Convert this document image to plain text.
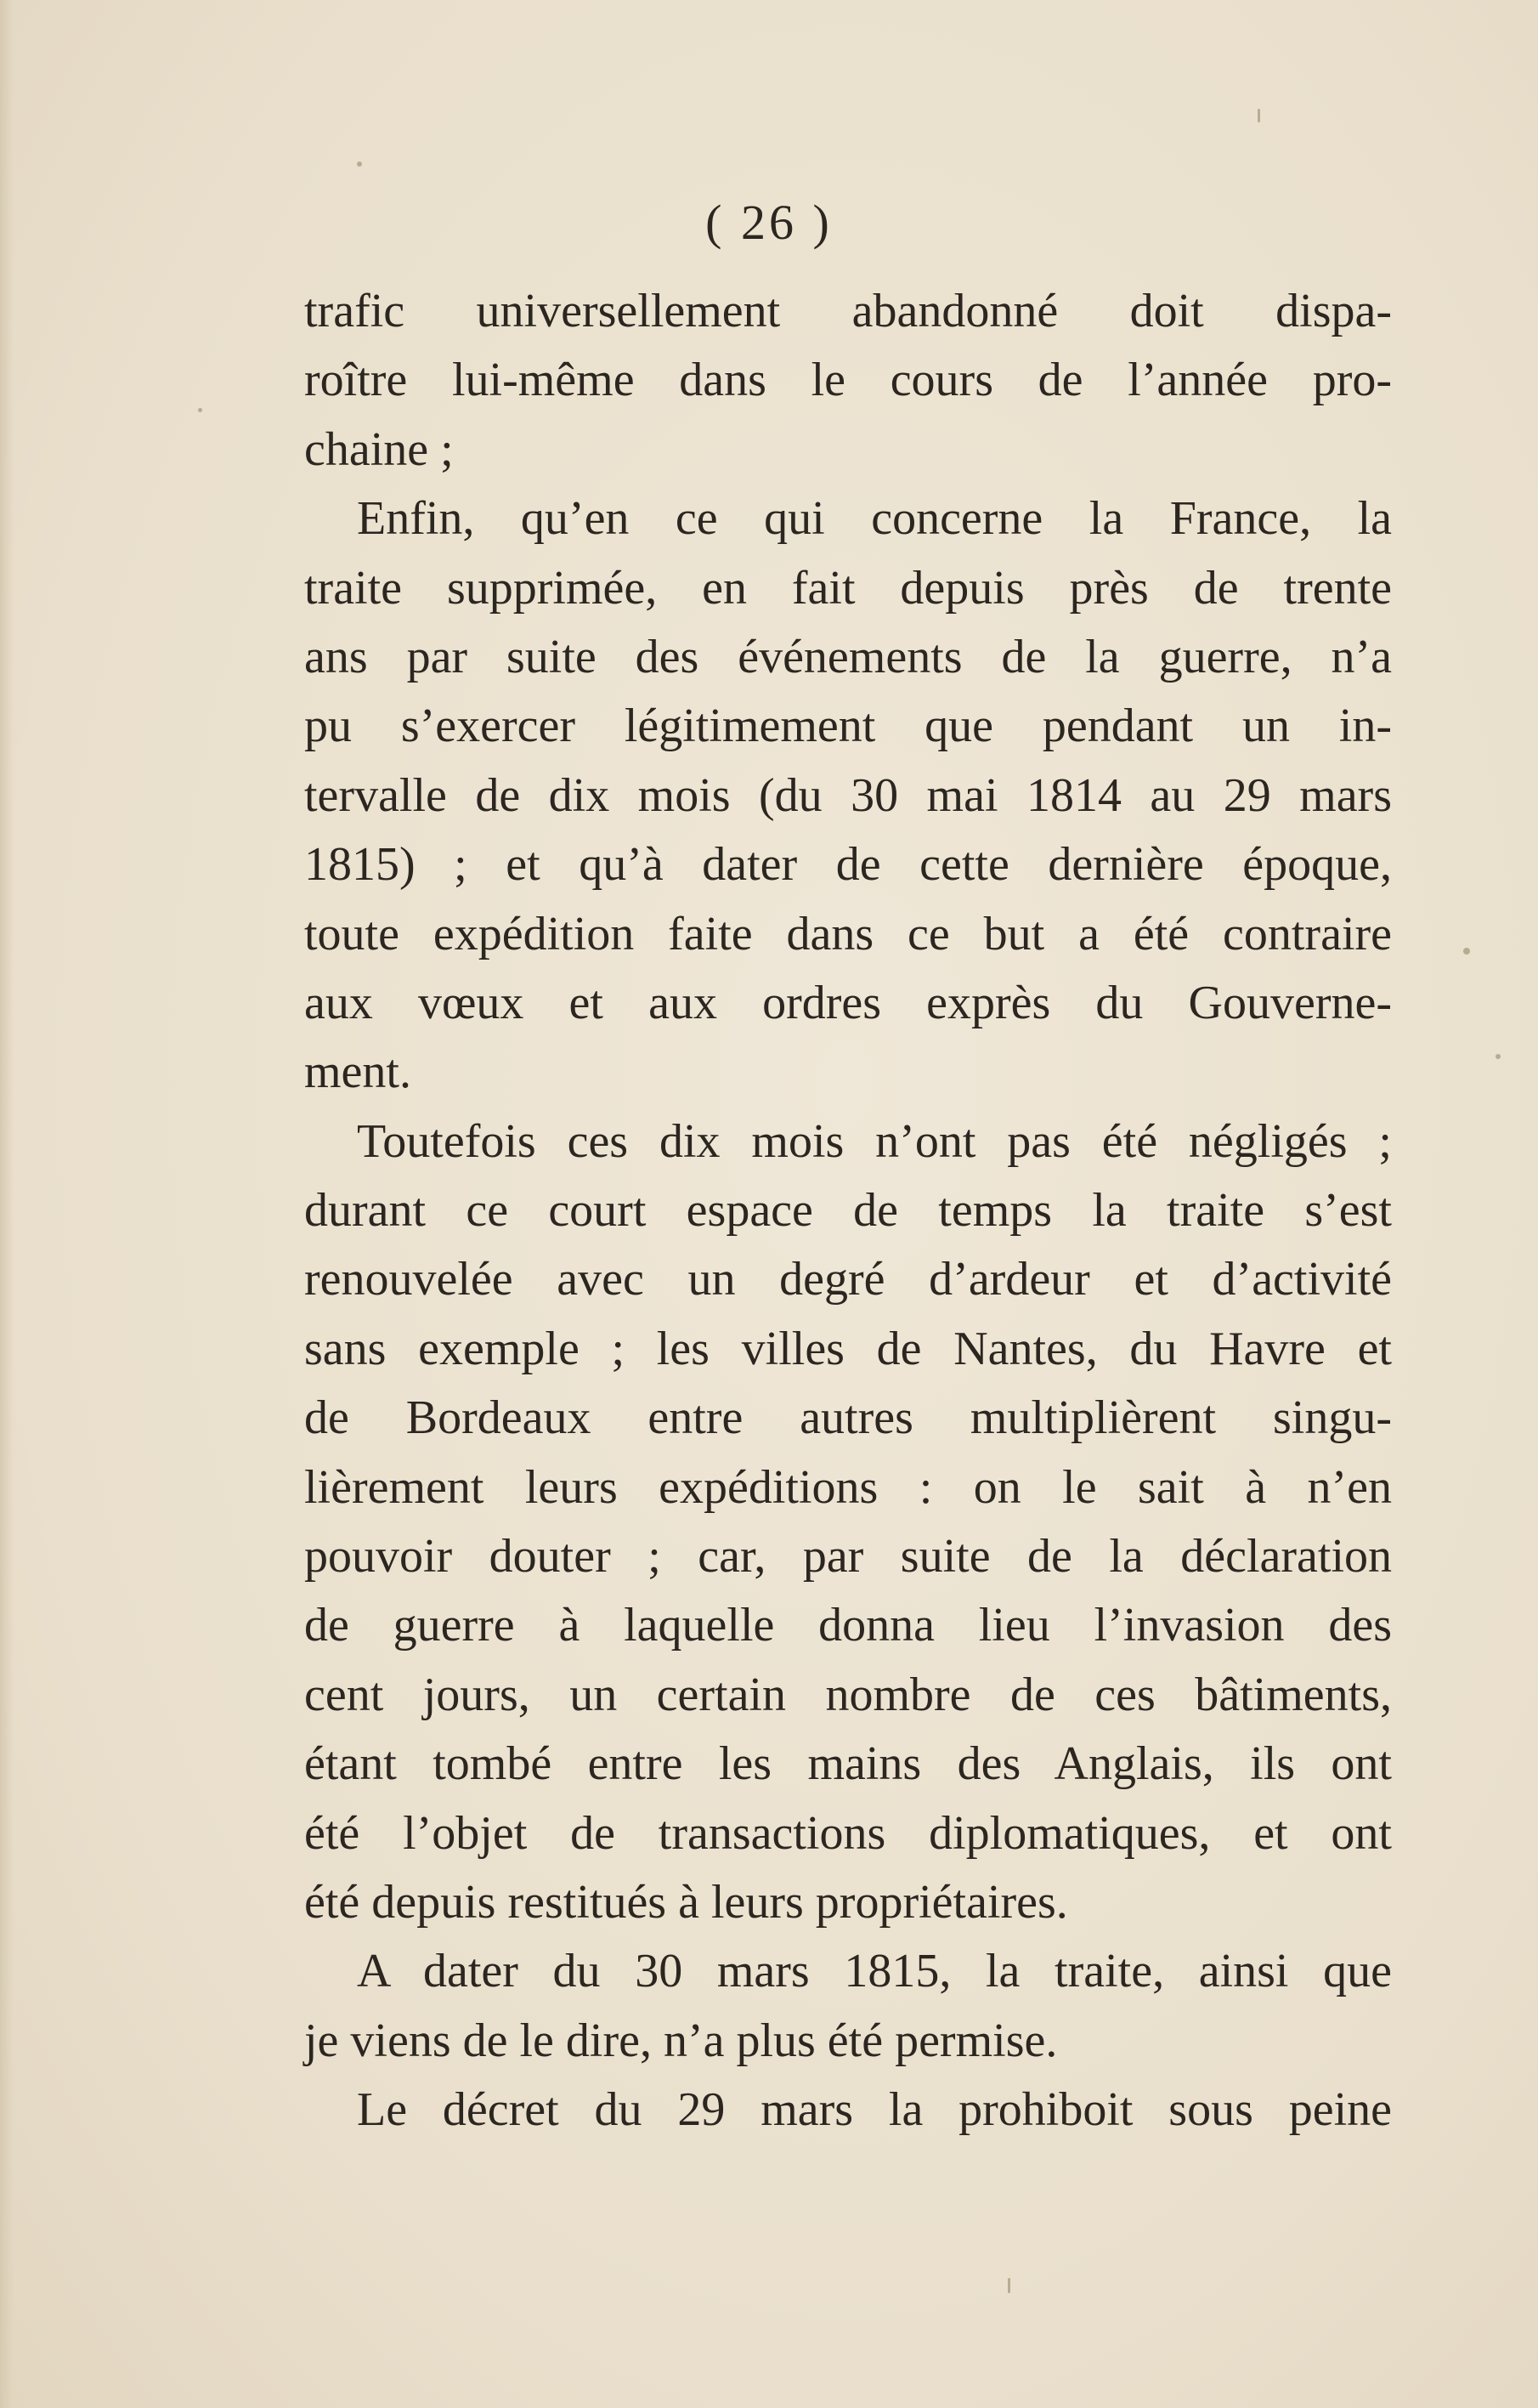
( 26 )
trafic universellement abandonné doit dispa-
roître lui-même dans le cours de l’année pro-
chaine ;
Enfin, qu’en ce qui concerne la France, la
traite supprimée, en fait depuis près de trente
ans par suite des événements de la guerre, n’a
pu s’exercer légitimement que pendant un in-
tervalle de dix mois (du 30 mai 1814 au 29 mars
1815) ; et qu’à dater de cette dernière époque,
toute expédition faite dans ce but a été contraire
aux vœux et aux ordres exprès du Gouverne-
ment.
Toutefois ces dix mois n’ont pas été négligés ;
durant ce court espace de temps la traite s’est
renouvelée avec un degré d’ardeur et d’activité
sans exemple ; les villes de Nantes, du Havre et
de Bordeaux entre autres multiplièrent singu-
lièrement leurs expéditions : on le sait à n’en
pouvoir douter ; car, par suite de la déclaration
de guerre à laquelle donna lieu l’invasion des
cent jours, un certain nombre de ces bâtiments,
étant tombé entre les mains des Anglais, ils ont
été l’objet de transactions diplomatiques, et ont
été depuis restitués à leurs propriétaires.
A dater du 30 mars 1815, la traite, ainsi que
je viens de le dire, n’a plus été permise.
Le décret du 29 mars la prohiboit sous peine
